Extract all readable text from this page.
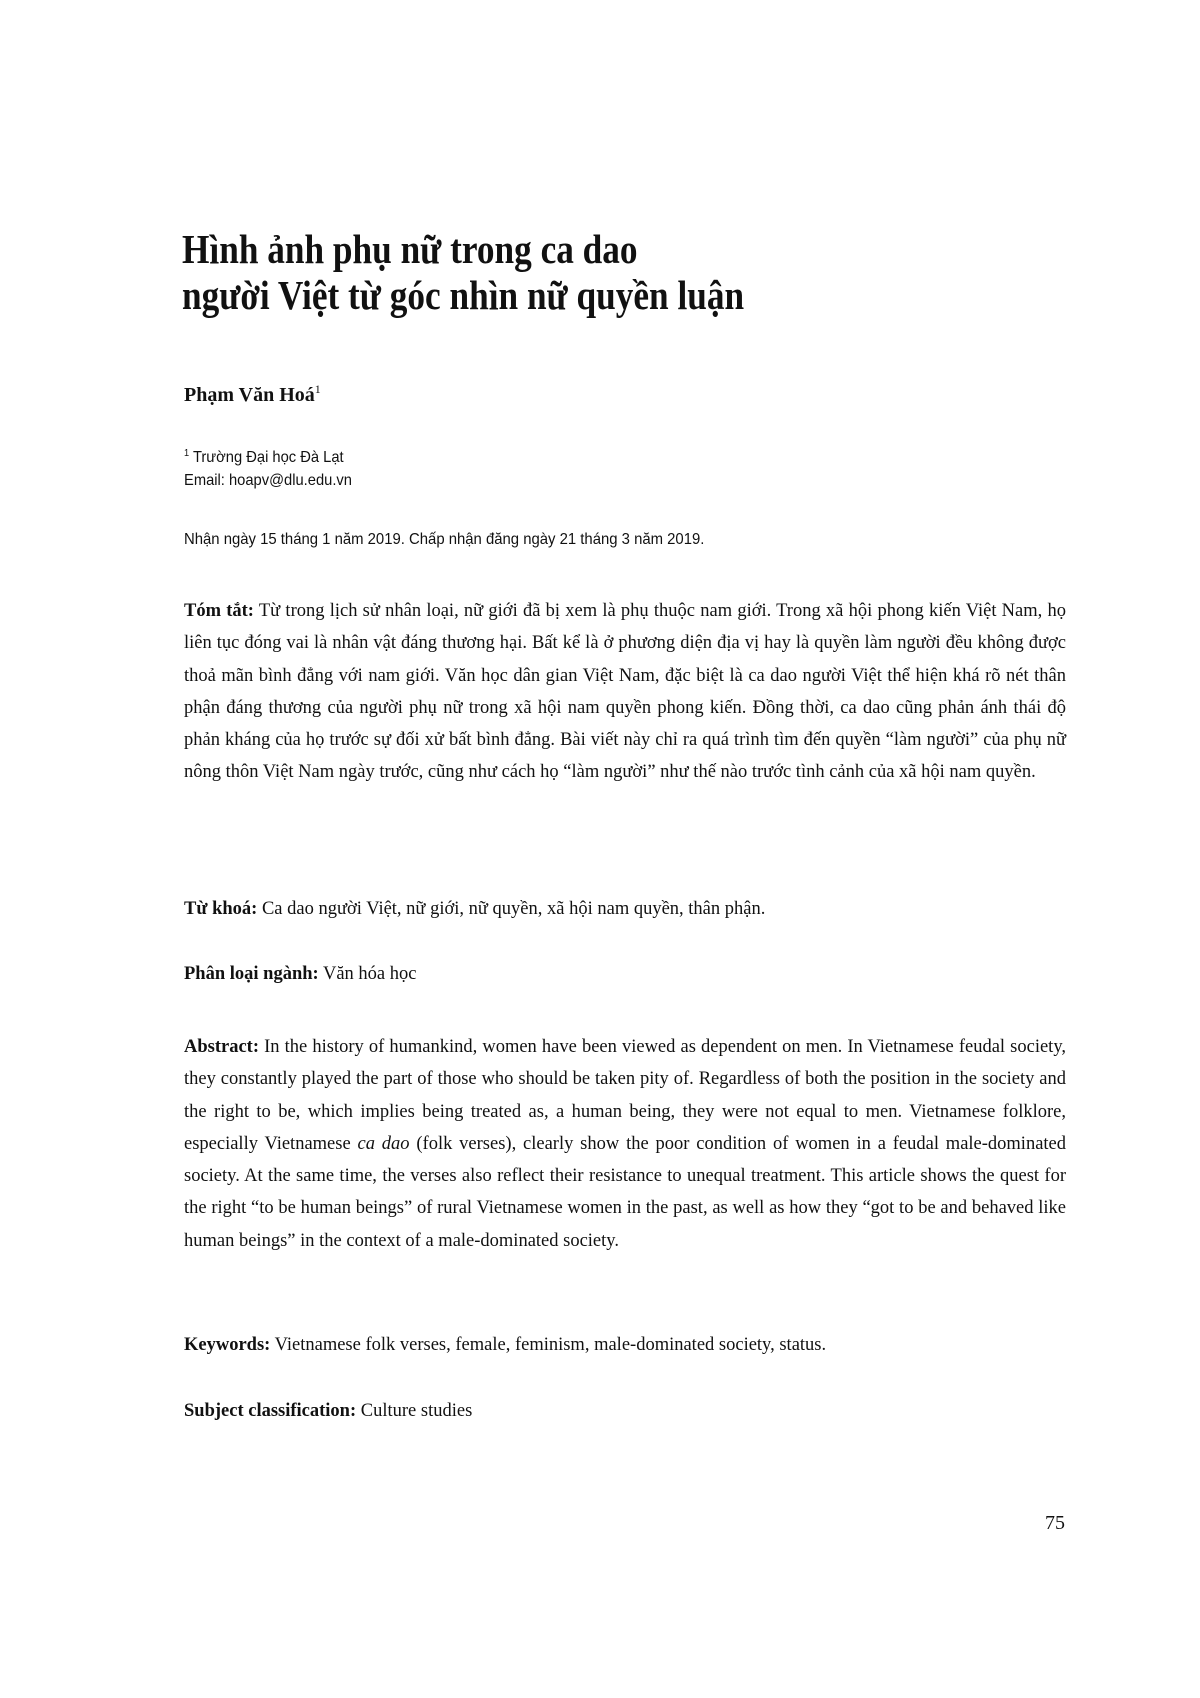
Hình ảnh phụ nữ trong ca dao
người Việt từ góc nhìn nữ quyền luận
Phạm Văn Hoá$^1$
$^1$ Trường Đại học Đà Lạt
Email: hoapv@dlu.edu.vn
Nhận ngày 15 tháng 1 năm 2019. Chấp nhận đăng ngày 21 tháng 3 năm 2019.
Tóm tắt: Từ trong lịch sử nhân loại, nữ giới đã bị xem là phụ thuộc nam giới. Trong xã hội phong kiến Việt Nam, họ liên tục đóng vai là nhân vật đáng thương hại. Bất kể là ở phương diện địa vị hay là quyền làm người đều không được thoả mãn bình đẳng với nam giới. Văn học dân gian Việt Nam, đặc biệt là ca dao người Việt thể hiện khá rõ nét thân phận đáng thương của người phụ nữ trong xã hội nam quyền phong kiến. Đồng thời, ca dao cũng phản ánh thái độ phản kháng của họ trước sự đối xử bất bình đẳng. Bài viết này chỉ ra quá trình tìm đến quyền “làm người” của phụ nữ nông thôn Việt Nam ngày trước, cũng như cách họ “làm người” như thế nào trước tình cảnh của xã hội nam quyền.
Từ khoá: Ca dao người Việt, nữ giới, nữ quyền, xã hội nam quyền, thân phận.
Phân loại ngành: Văn hóa học
Abstract: In the history of humankind, women have been viewed as dependent on men. In Vietnamese feudal society, they constantly played the part of those who should be taken pity of. Regardless of both the position in the society and the right to be, which implies being treated as, a human being, they were not equal to men. Vietnamese folklore, especially Vietnamese ca dao (folk verses), clearly show the poor condition of women in a feudal male-dominated society. At the same time, the verses also reflect their resistance to unequal treatment. This article shows the quest for the right “to be human beings” of rural Vietnamese women in the past, as well as how they “got to be and behaved like human beings” in the context of a male-dominated society.
Keywords: Vietnamese folk verses, female, feminism, male-dominated society, status.
Subject classification: Culture studies
75
